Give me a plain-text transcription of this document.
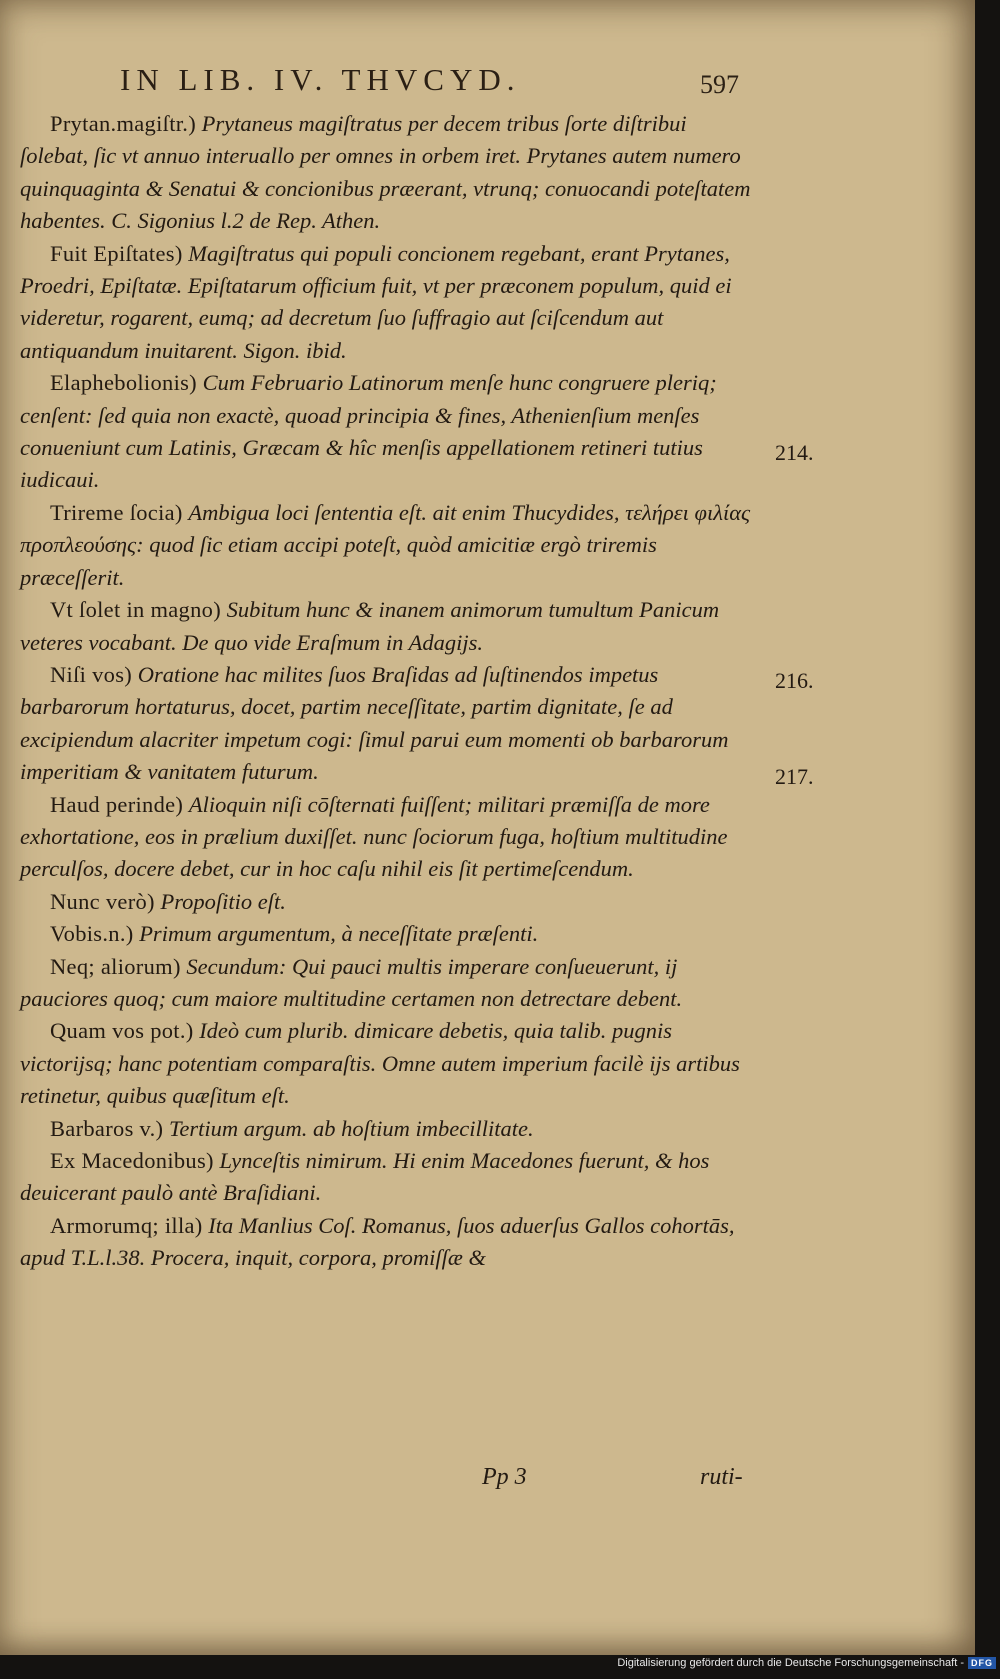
IN LIB. IV. THVCYD.	597

Prytan.magiſtr.) Prytaneus magiſtratus per decem tribus ſorte diſtribui ſolebat, ſic vt annuo interuallo per omnes in orbem iret. Prytanes autem numero quinquaginta & Senatui & concionibus præerant, vtrunq; conuocandi poteſtatem habentes. C. Sigonius l.2 de Rep. Athen.

Fuit Epiſtates) Magiſtratus qui populi concionem regebant, erant Prytanes, Proedri, Epiſtatæ. Epiſtatarum officium fuit, vt per præconem populum, quid ei videretur, rogarent, eumq; ad decretum ſuo ſuffragio aut ſciſcendum aut antiquandum inuitarent. Sigon. ibid.

Elaphebolionis) Cum Februario Latinorum menſe hunc congruere pleriq; cenſent: ſed quia non exactè, quoad principia & fines, Athenienſium menſes conueniunt cum Latinis, Græcam & hîc menſis appellationem retineri tutius iudicaui.

Trireme ſocia) Ambigua loci ſententia eſt. ait enim Thucydides, τελήρει φιλίας προπλεούσης: quod ſic etiam accipi poteſt, quòd amicitiæ ergò triremis præceſſerit.

Vt ſolet in magno) Subitum hunc & inanem animorum tumultum Panicum veteres vocabant. De quo vide Eraſmum in Adagijs.

Niſi vos) Oratione hac milites ſuos Braſidas ad ſuſtinendos impetus barbarorum hortaturus, docet, partim neceſſitate, partim dignitate, ſe ad excipiendum alacriter impetum cogi: ſimul parui eum momenti ob barbarorum imperitiam & vanitatem futurum.

Haud perinde) Alioquin niſi cōſternati fuiſſent; militari præmiſſa de more exhortatione, eos in prælium duxiſſet. nunc ſociorum fuga, hoſtium multitudine perculſos, docere debet, cur in hoc caſu nihil eis ſit pertimeſcendum.

Nunc verò) Propoſitio eſt.

Vobis.n.) Primum argumentum, à neceſſitate præſenti.

Neq; aliorum) Secundum: Qui pauci multis imperare conſueuerunt, ij pauciores quoq; cum maiore multitudine certamen non detrectare debent.

Quam vos pot.) Ideò cum plurib. dimicare debetis, quia talib. pugnis victorijsq; hanc potentiam comparaſtis. Omne autem imperium facilè ijs artibus retinetur, quibus quæſitum eſt.

Barbaros v.) Tertium argum. ab hoſtium imbecillitate.

Ex Macedonibus) Lynceſtis nimirum. Hi enim Macedones fuerunt, & hos deuicerant paulò antè Braſidiani.

Armorumq; illa) Ita Manlius Coſ. Romanus, ſuos aduerſus Gallos cohortās, apud T.L.l.38. Procera, inquit, corpora, promiſſæ &

214.
216.
217.
Pp 3	ruti-
Digitalisierung gefördert durch die Deutsche Forschungsgemeinschaft - DFG
